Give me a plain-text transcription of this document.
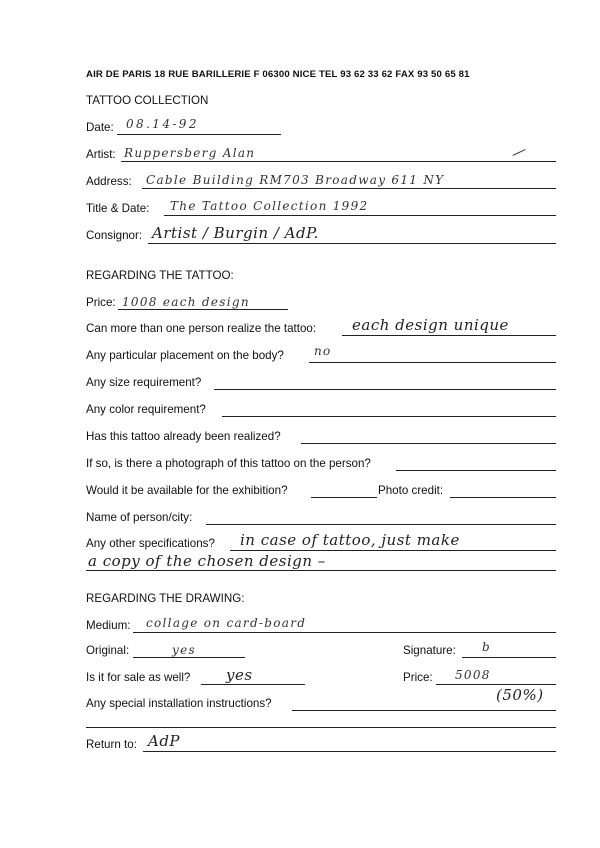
AIR DE PARIS 18 RUE BARILLERIE F 06300 NICE TEL 93 62 33 62 FAX 93 50 65 81
TATTOO COLLECTION
Date: 08.14-92
Artist: Ruppersberg Alan
Address: Cable Building RM703 Broadway 611 NY
Title & Date: The Tattoo Collection 1992
Consignor: Artist / Burgin / AdP.
REGARDING THE TATTOO:
Price: 1008 each design
Can more than one person realize the tattoo: each design unique
Any particular placement on the body?	no
Any size requirement?
Any color requirement?
Has this tattoo already been realized?
If so, is there a photograph of this tattoo on the person?
Would it be available for the exhibition?	Photo credit:
Name of person/city:
Any other specifications? in case of tattoo, just make
a copy of the chosen design –
REGARDING THE DRAWING:
Medium: collage on card-board
Original:	yes	Signature: b
Is it for sale as well? yes	Price: 5008
(50%)
Any special installation instructions?
Return to: AdP
